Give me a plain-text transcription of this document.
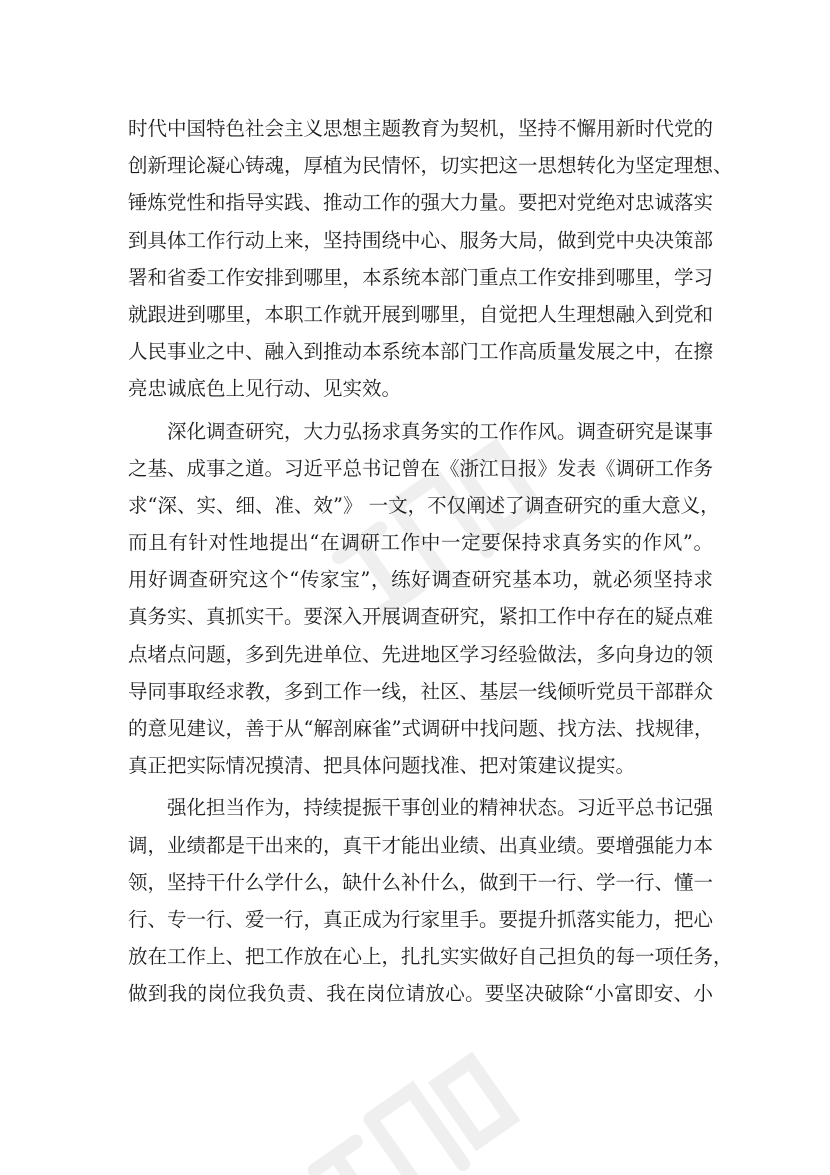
时代中国特色社会主义思想主题教育为契机，坚持不懈用新时代党的
创新理论凝心铸魂，厚植为民情怀，切实把这一思想转化为坚定理想、
锤炼党性和指导实践、推动工作的强大力量。要把对党绝对忠诚落实
到具体工作行动上来，坚持围绕中心、服务大局，做到党中央决策部
署和省委工作安排到哪里，本系统本部门重点工作安排到哪里，学习
就跟进到哪里，本职工作就开展到哪里，自觉把人生理想融入到党和
人民事业之中、融入到推动本系统本部门工作高质量发展之中，在擦
亮忠诚底色上见行动、见实效。
深化调查研究，大力弘扬求真务实的工作作风。调查研究是谋事
之基、成事之道。习近平总书记曾在《浙江日报》发表《调研工作务
求“深、实、细、准、效”》 一文，不仅阐述了调查研究的重大意义，
而且有针对性地提出“在调研工作中一定要保持求真务实的作风”。
用好调查研究这个“传家宝”，练好调查研究基本功，就必须坚持求
真务实、真抓实干。要深入开展调查研究，紧扣工作中存在的疑点难
点堵点问题，多到先进单位、先进地区学习经验做法，多向身边的领
导同事取经求教，多到工作一线，社区、基层一线倾听党员干部群众
的意见建议，善于从“解剖麻雀”式调研中找问题、找方法、找规律，
真正把实际情况摸清、把具体问题找准、把对策建议提实。
强化担当作为，持续提振干事创业的精神状态。习近平总书记强
调，业绩都是干出来的，真干才能出业绩、出真业绩。要增强能力本
领，坚持干什么学什么，缺什么补什么，做到干一行、学一行、懂一
行、专一行、爱一行，真正成为行家里手。要提升抓落实能力，把心
放在工作上、把工作放在心上，扎扎实实做好自己担负的每一项任务，
做到我的岗位我负责、我在岗位请放心。要坚决破除“小富即安、小
